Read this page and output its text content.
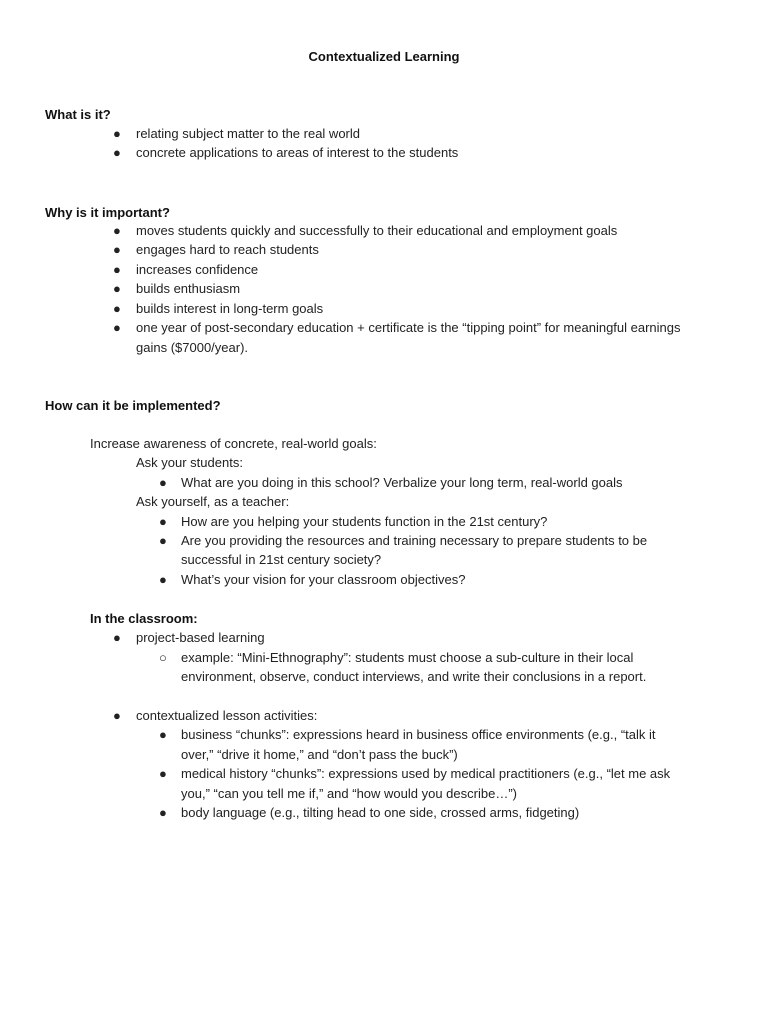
Contextualized Learning
What is it?
● relating subject matter to the real world
● concrete applications to areas of interest to the students
Why is it important?
● moves students quickly and successfully to their educational and employment goals
● engages hard to reach students
● increases confidence
● builds enthusiasm
● builds interest in long-term goals
● one year of post-secondary education + certificate is the “tipping point” for meaningful earnings
gains ($7000/year).
How can it be implemented?
Increase awareness of concrete, real-world goals:
Ask your students:
● What are you doing in this school? Verbalize your long term, real-world goals
Ask yourself, as a teacher:
● How are you helping your students function in the 21st century?
● Are you providing the resources and training necessary to prepare students to be
successful in 21st century society?
● What’s your vision for your classroom objectives?
In the classroom:
● project-based learning
○ example: “Mini-Ethnography”: students must choose a sub-culture in their local
environment, observe, conduct interviews, and write their conclusions in a report.
● contextualized lesson activities:
● business “chunks”: expressions heard in business office environments (e.g., “talk it
over,” “drive it home,” and “don’t pass the buck”)
● medical history “chunks”: expressions used by medical practitioners (e.g., “let me ask
you,” “can you tell me if,” and “how would you describe…”)
● body language (e.g., tilting head to one side, crossed arms, fidgeting)
